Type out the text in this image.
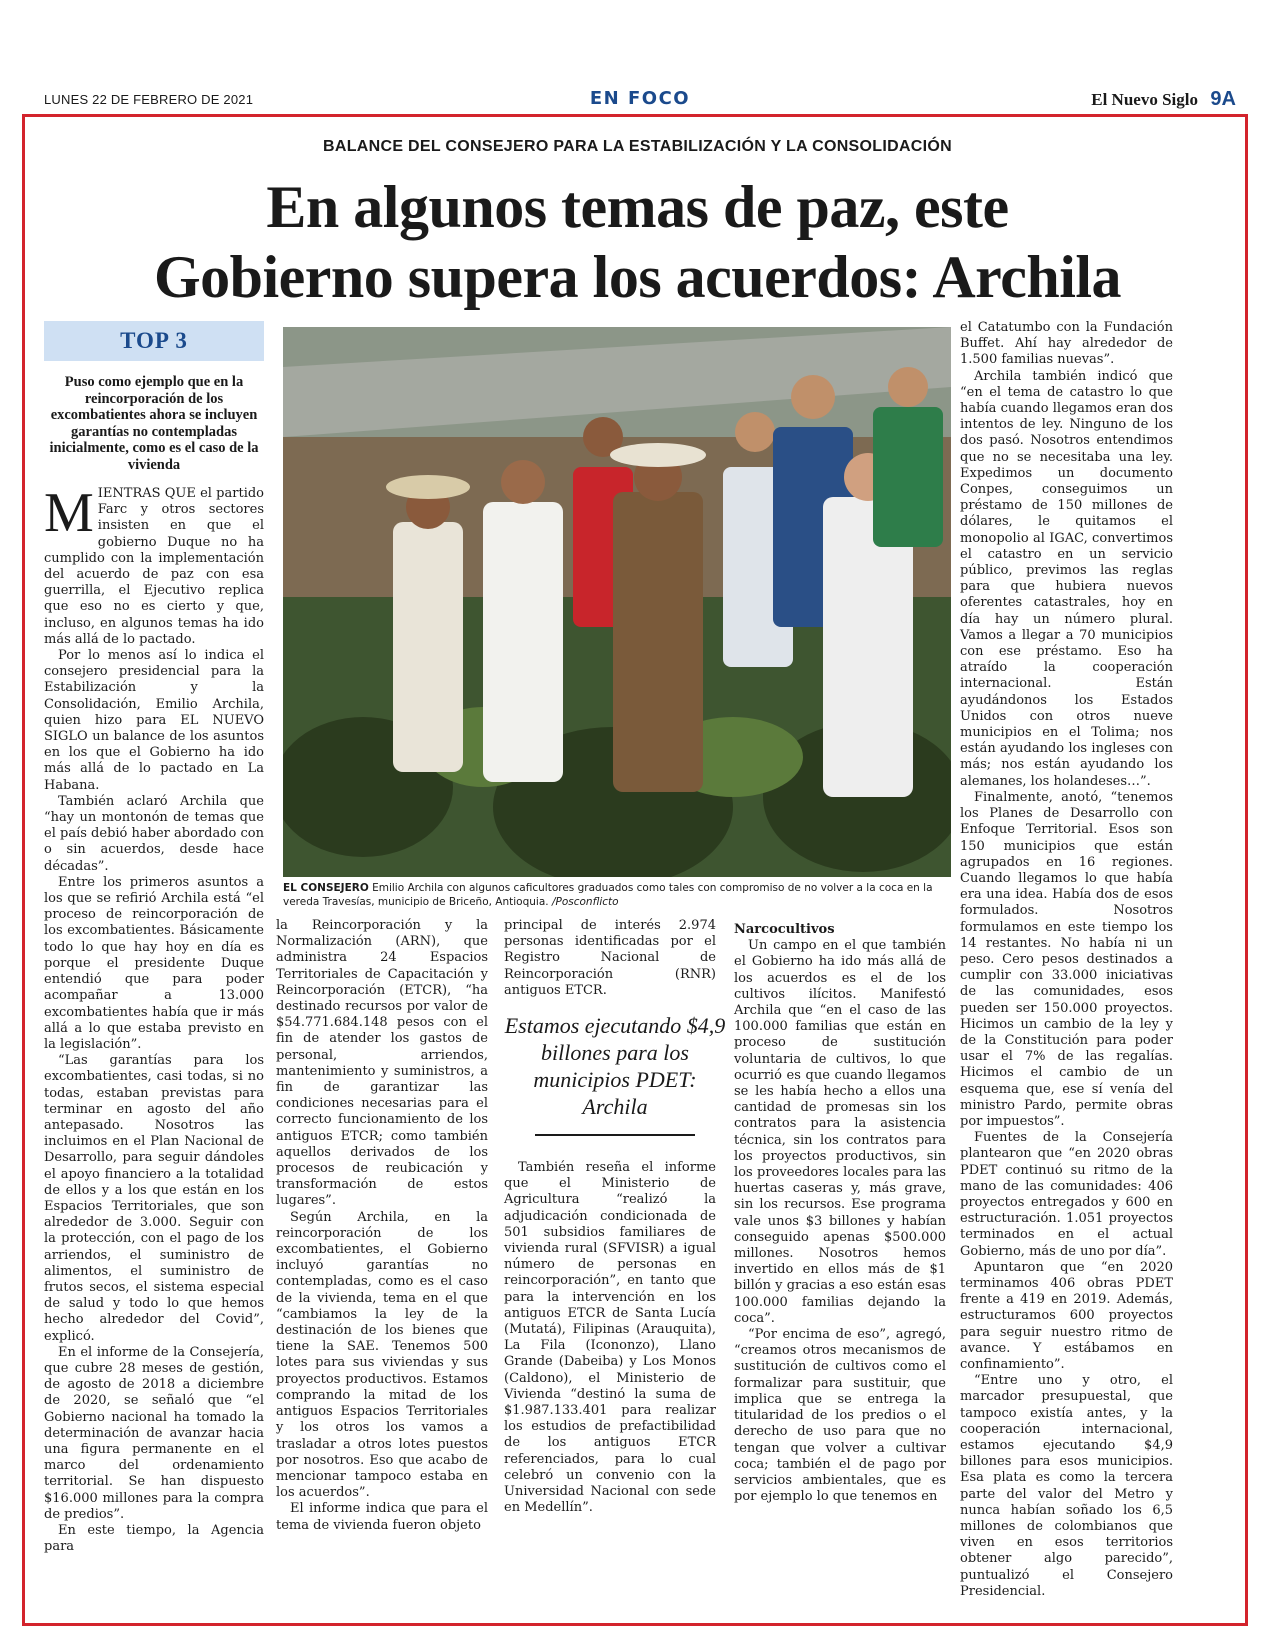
LUNES 22 DE FEBRERO DE 2021	EN FOCO	El Nuevo Siglo 9A
BALANCE DEL CONSEJERO PARA LA ESTABILIZACIÓN Y LA CONSOLIDACIÓN
En algunos temas de paz, este
Gobierno supera los acuerdos: Archila
TOP 3
Puso como ejemplo que en la reincorporación de los excombatientes ahora se incluyen garantías no contempladas inicialmente, como es el caso de la vivienda

MIENTRAS QUE el partido Farc y otros sectores insisten en que el gobierno Duque no ha cumplido con la implementación del acuerdo de paz con esa guerrilla, el Ejecutivo replica que eso no es cierto y que, incluso, en algunos temas ha ido más allá de lo pactado.

Por lo menos así lo indica el consejero presidencial para la Estabilización y la Consolidación, Emilio Archila, quien hizo para EL NUEVO SIGLO un balance de los asuntos en los que el Gobierno ha ido más allá de lo pactado en La Habana.

También aclaró Archila que “hay un montonón de temas que el país debió haber abordado con o sin acuerdos, desde hace décadas”.

Entre los primeros asuntos a los que se refirió Archila está “el proceso de reincorporación de los excombatientes. Básicamente todo lo que hay hoy en día es porque el presidente Duque entendió que para poder acompañar a 13.000 excombatientes había que ir más allá a lo que estaba previsto en la legislación”.

“Las garantías para los excombatientes, casi todas, si no todas, estaban previstas para terminar en agosto del año antepasado. Nosotros las incluimos en el Plan Nacional de Desarrollo, para seguir dándoles el apoyo financiero a la totalidad de ellos y a los que están en los Espacios Territoriales, que son alrededor de 3.000. Seguir con la protección, con el pago de los arriendos, el suministro de alimentos, el suministro de frutos secos, el sistema especial de salud y todo lo que hemos hecho alrededor del Covid”, explicó.

En el informe de la Consejería, que cubre 28 meses de gestión, de agosto de 2018 a diciembre de 2020, se señaló que “el Gobierno nacional ha tomado la determinación de avanzar hacia una figura permanente en el marco del ordenamiento territorial. Se han dispuesto $16.000 millones para la compra de predios”.

En este tiempo, la Agencia para

EL CONSEJERO Emilio Archila con algunos caficultores graduados como tales con compromiso de no volver a la coca en la vereda Travesías, municipio de Briceño, Antioquia. /Posconflicto

la Reincorporación y la Normalización (ARN), que administra 24 Espacios Territoriales de Capacitación y Reincorporación (ETCR), “ha destinado recursos por valor de $54.771.684.148 pesos con el fin de atender los gastos de personal, arriendos, mantenimiento y suministros, a fin de garantizar las condiciones necesarias para el correcto funcionamiento de los antiguos ETCR; como también aquellos derivados de los procesos de reubicación y transformación de estos lugares”.

Según Archila, en la reincorporación de los excombatientes, el Gobierno incluyó garantías no contempladas, como es el caso de la vivienda, tema en el que “cambiamos la ley de la destinación de los bienes que tiene la SAE. Tenemos 500 lotes para sus viviendas y sus proyectos productivos. Estamos comprando la mitad de los antiguos Espacios Territoriales y los otros los vamos a trasladar a otros lotes puestos por nosotros. Eso que acabo de mencionar tampoco estaba en los acuerdos”.

El informe indica que para el tema de vivienda fueron objeto

principal de interés 2.974 personas identificadas por el Registro Nacional de Reincorporación (RNR) antiguos ETCR.

Estamos ejecutando $4,9 billones para los municipios PDET: Archila

También reseña el informe que el Ministerio de Agricultura “realizó la adjudicación condicionada de 501 subsidios familiares de vivienda rural (SFVISR) a igual número de personas en reincorporación”, en tanto que para la intervención en los antiguos ETCR de Santa Lucía (Mutatá), Filipinas (Arauquita), La Fila (Icononzo), Llano Grande (Dabeiba) y Los Monos (Caldono), el Ministerio de Vivienda “destinó la suma de $1.987.133.401 para realizar los estudios de prefactibilidad de los antiguos ETCR referenciados, para lo cual celebró un convenio con la Universidad Nacional con sede en Medellín”.

Narcocultivos

Un campo en el que también el Gobierno ha ido más allá de los acuerdos es el de los cultivos ilícitos. Manifestó Archila que “en el caso de las 100.000 familias que están en proceso de sustitución voluntaria de cultivos, lo que ocurrió es que cuando llegamos se les había hecho a ellos una cantidad de promesas sin los contratos para la asistencia técnica, sin los contratos para los proyectos productivos, sin los proveedores locales para las huertas caseras y, más grave, sin los recursos. Ese programa vale unos $3 billones y habían conseguido apenas $500.000 millones. Nosotros hemos invertido en ellos más de $1 billón y gracias a eso están esas 100.000 familias dejando la coca”.

“Por encima de eso”, agregó, “creamos otros mecanismos de sustitución de cultivos como el formalizar para sustituir, que implica que se entrega la titularidad de los predios o el derecho de uso para que no tengan que volver a cultivar coca; también el de pago por servicios ambientales, que es por ejemplo lo que tenemos en

el Catatumbo con la Fundación Buffet. Ahí hay alrededor de 1.500 familias nuevas”.

Archila también indicó que “en el tema de catastro lo que había cuando llegamos eran dos intentos de ley. Ninguno de los dos pasó. Nosotros entendimos que no se necesitaba una ley. Expedimos un documento Conpes, conseguimos un préstamo de 150 millones de dólares, le quitamos el monopolio al IGAC, convertimos el catastro en un servicio público, previmos las reglas para que hubiera nuevos oferentes catastrales, hoy en día hay un número plural. Vamos a llegar a 70 municipios con ese préstamo. Eso ha atraído la cooperación internacional. Están ayudándonos los Estados Unidos con otros nueve municipios en el Tolima; nos están ayudando los ingleses con más; nos están ayudando los alemanes, los holandeses…”.

Finalmente, anotó, “tenemos los Planes de Desarrollo con Enfoque Territorial. Esos son 150 municipios que están agrupados en 16 regiones. Cuando llegamos lo que había era una idea. Había dos de esos formulados. Nosotros formulamos en este tiempo los 14 restantes. No había ni un peso. Cero pesos destinados a cumplir con 33.000 iniciativas de las comunidades, esos pueden ser 150.000 proyectos. Hicimos un cambio de la ley y de la Constitución para poder usar el 7% de las regalías. Hicimos el cambio de un esquema que, ese sí venía del ministro Pardo, permite obras por impuestos”.

Fuentes de la Consejería plantearon que “en 2020 obras PDET continuó su ritmo de la mano de las comunidades: 406 proyectos entregados y 600 en estructuración. 1.051 proyectos terminados en el actual Gobierno, más de uno por día”.

Apuntaron que “en 2020 terminamos 406 obras PDET frente a 419 en 2019. Además, estructuramos 600 proyectos para seguir nuestro ritmo de avance. Y estábamos en confinamiento”.

“Entre uno y otro, el marcador presupuestal, que tampoco existía antes, y la cooperación internacional, estamos ejecutando $4,9 billones para esos municipios. Esa plata es como la tercera parte del valor del Metro y nunca habían soñado los 6,5 millones de colombianos que viven en esos territorios obtener algo parecido”, puntualizó el Consejero Presidencial.
